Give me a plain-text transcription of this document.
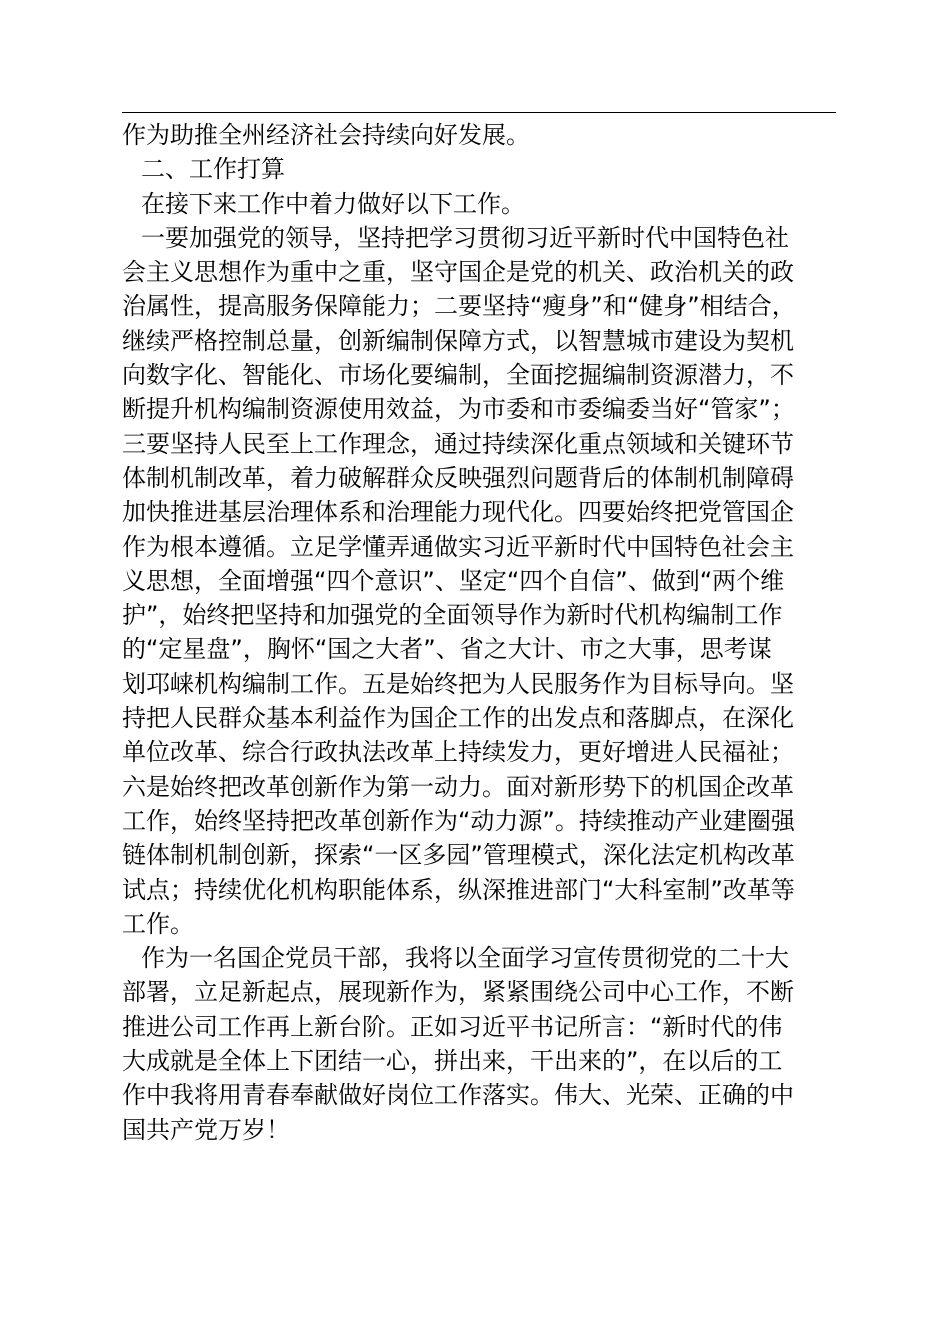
作为助推全州经济社会持续向好发展。
二、工作打算
在接下来工作中着力做好以下工作。
一要加强党的领导，坚持把学习贯彻习近平新时代中国特色社
会主义思想作为重中之重，坚守国企是党的机关、政治机关的政
治属性，提高服务保障能力；二要坚持“瘦身”和“健身”相结合，
继续严格控制总量，创新编制保障方式，以智慧城市建设为契机
向数字化、智能化、市场化要编制，全面挖掘编制资源潜力，不
断提升机构编制资源使用效益，为市委和市委编委当好“管家”；
三要坚持人民至上工作理念，通过持续深化重点领域和关键环节
体制机制改革，着力破解群众反映强烈问题背后的体制机制障碍
加快推进基层治理体系和治理能力现代化。四要始终把党管国企
作为根本遵循。立足学懂弄通做实习近平新时代中国特色社会主
义思想，全面增强“四个意识”、坚定“四个自信”、做到“两个维
护”，始终把坚持和加强党的全面领导作为新时代机构编制工作
的“定星盘”，胸怀“国之大者”、省之大计、市之大事，思考谋
划邛崃机构编制工作。五是始终把为人民服务作为目标导向。坚
持把人民群众基本利益作为国企工作的出发点和落脚点，在深化
单位改革、综合行政执法改革上持续发力，更好增进人民福祉；
六是始终把改革创新作为第一动力。面对新形势下的机国企改革
工作，始终坚持把改革创新作为“动力源”。持续推动产业建圈强
链体制机制创新，探索“一区多园”管理模式，深化法定机构改革
试点；持续优化机构职能体系，纵深推进部门“大科室制”改革等
工作。
作为一名国企党员干部，我将以全面学习宣传贯彻党的二十大
部署，立足新起点，展现新作为，紧紧围绕公司中心工作，不断
推进公司工作再上新台阶。正如习近平书记所言：“新时代的伟
大成就是全体上下团结一心，拼出来，干出来的”，在以后的工
作中我将用青春奉献做好岗位工作落实。伟大、光荣、正确的中
国共产党万岁！
